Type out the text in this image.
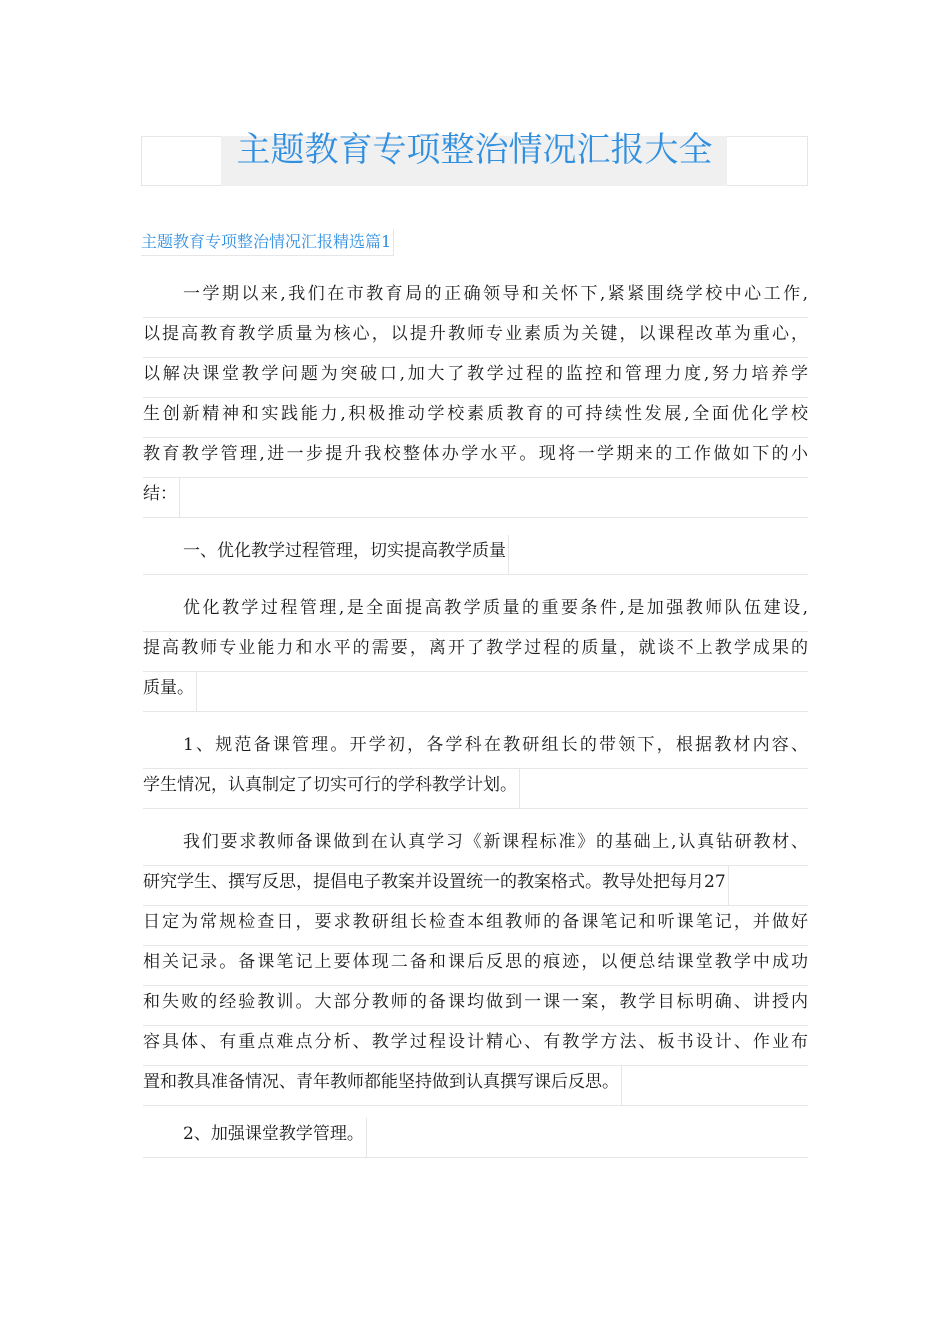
主题教育专项整治情况汇报大全
主题教育专项整治情况汇报精选篇1
一学期以来,我们在市教育局的正确领导和关怀下,紧紧围绕学校中心工作,
以提高教育教学质量为核心，以提升教师专业素质为关键，以课程改革为重心，
以解决课堂教学问题为突破口,加大了教学过程的监控和管理力度,努力培养学
生创新精神和实践能力,积极推动学校素质教育的可持续性发展,全面优化学校
教育教学管理,进一步提升我校整体办学水平。现将一学期来的工作做如下的小
结：
一、优化教学过程管理，切实提高教学质量
优化教学过程管理,是全面提高教学质量的重要条件,是加强教师队伍建设,
提高教师专业能力和水平的需要，离开了教学过程的质量，就谈不上教学成果的
质量。
1、规范备课管理。开学初，各学科在教研组长的带领下，根据教材内容、
学生情况，认真制定了切实可行的学科教学计划。
我们要求教师备课做到在认真学习《新课程标准》的基础上,认真钻研教材、
研究学生、撰写反思，提倡电子教案并设置统一的教案格式。教导处把每月27
日定为常规检查日，要求教研组长检查本组教师的备课笔记和听课笔记，并做好
相关记录。备课笔记上要体现二备和课后反思的痕迹，以便总结课堂教学中成功
和失败的经验教训。大部分教师的备课均做到一课一案，教学目标明确、讲授内
容具体、有重点难点分析、教学过程设计精心、有教学方法、板书设计、作业布
置和教具准备情况、青年教师都能坚持做到认真撰写课后反思。
2、加强课堂教学管理。
